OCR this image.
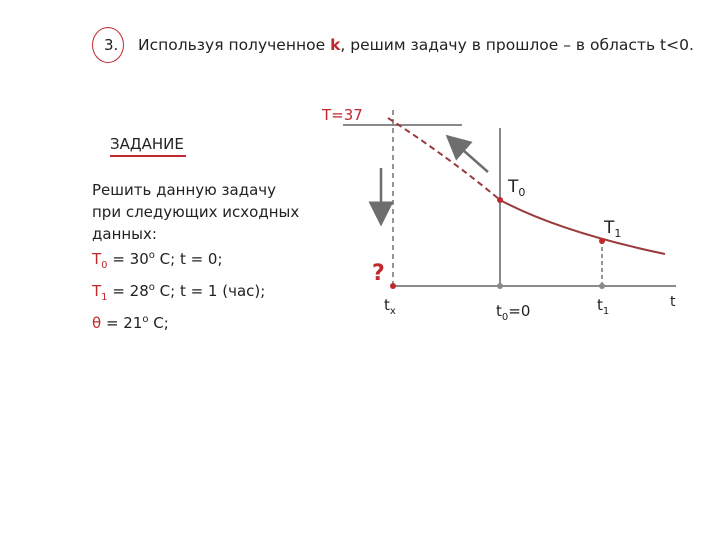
3. Используя полученное k, решим задачу в прошлое – в область t<0.
ЗАДАНИЕ
Решить данную задачу
при следующих исходных
данных:
$T_0 = 30^o$ C; t = 0;
$T_1 = 28^o$ C; t = 1 (час);
$\theta = 21^o$ C;
T=37
?
$T_0$
$T_1$
$t_x$	$t_0=0$	$t_1$
t
